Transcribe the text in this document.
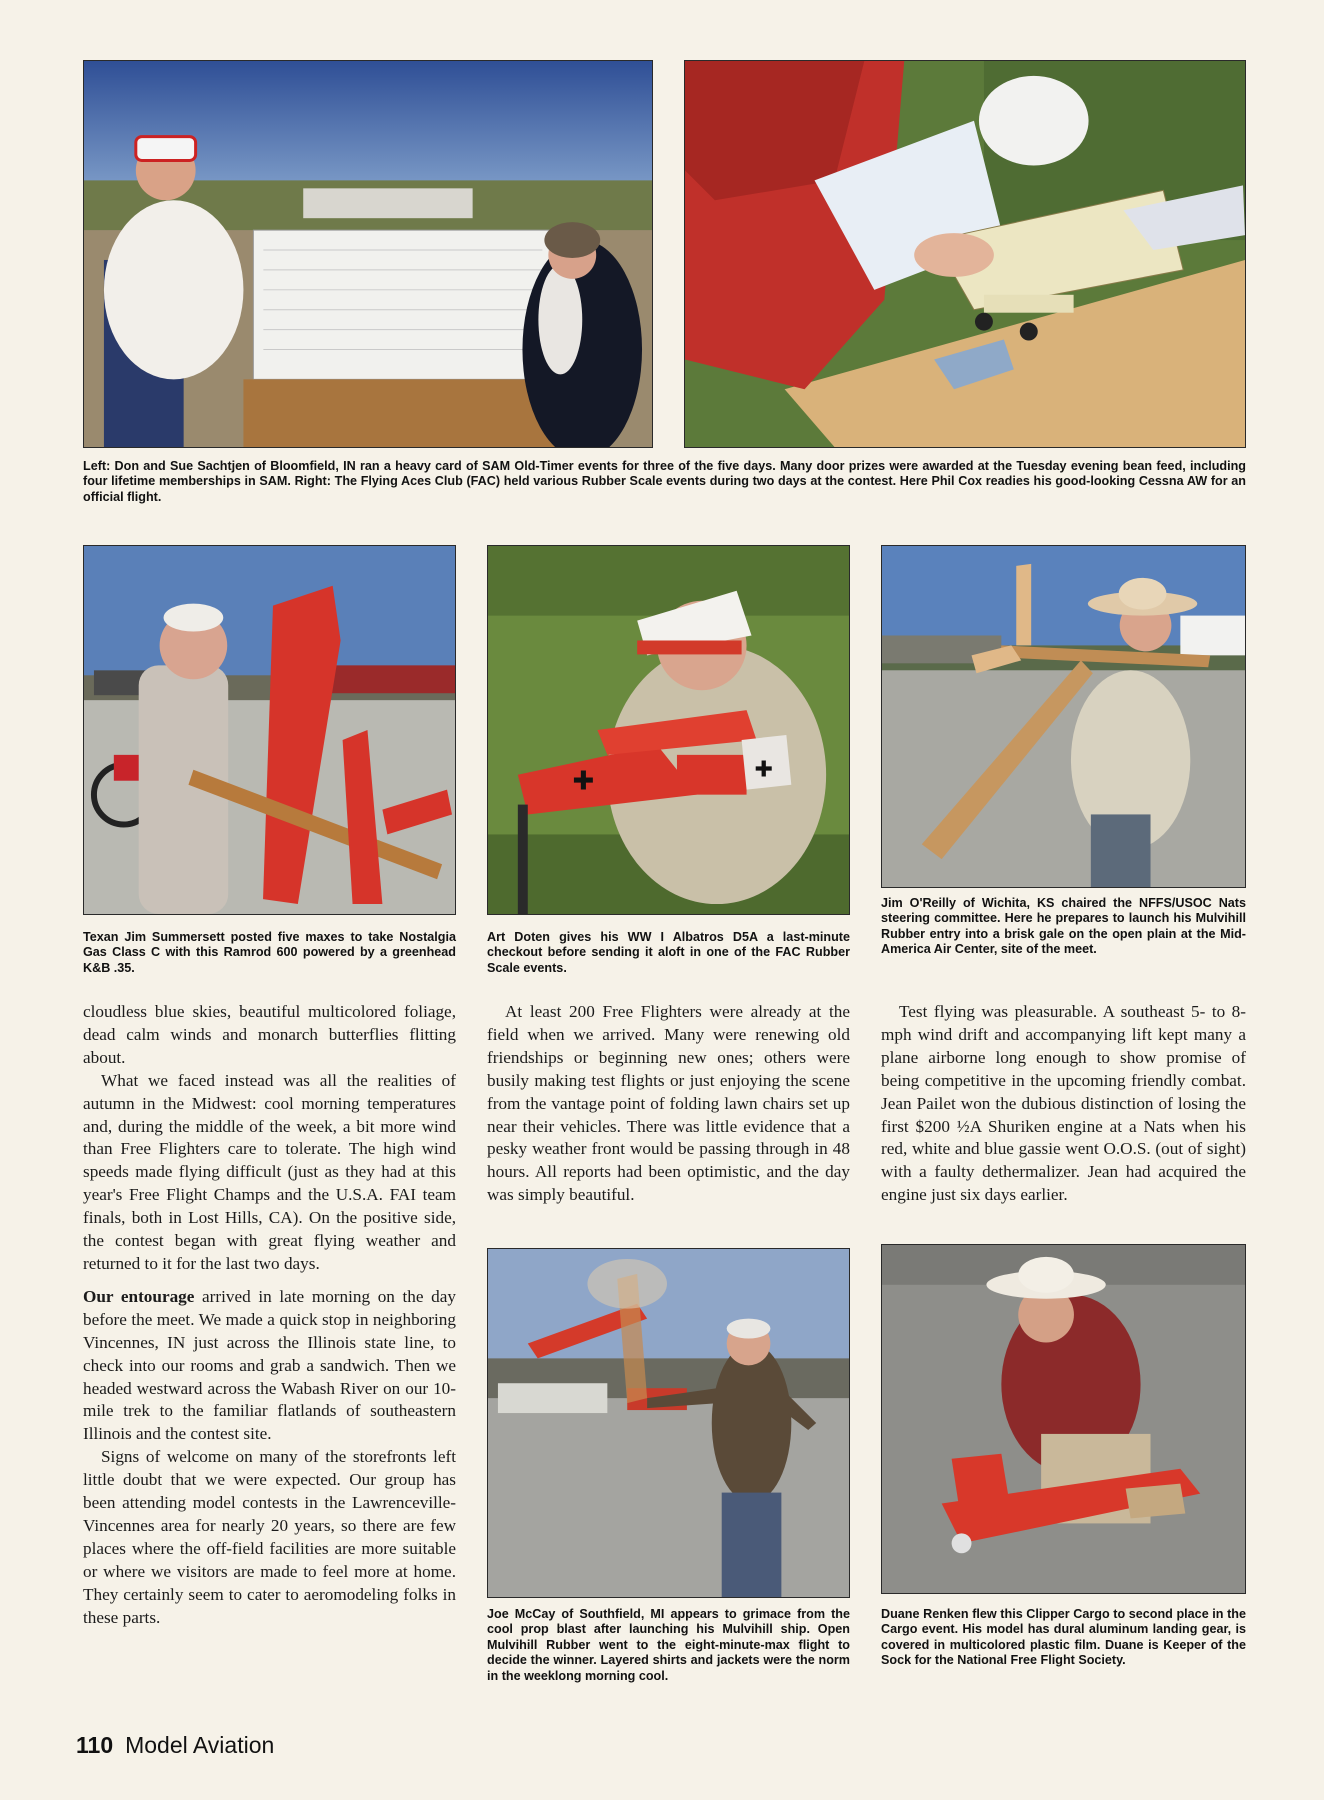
Left: Don and Sue Sachtjen of Bloomfield, IN ran a heavy card of SAM Old-Timer events for three of the five days. Many door prizes were awarded at the Tuesday evening bean feed, including four lifetime memberships in SAM. Right: The Flying Aces Club (FAC) held various Rubber Scale events during two days at the contest. Here Phil Cox readies his good-looking Cessna AW for an official flight.
✚	✚
Texan Jim Summersett posted five maxes to take Nostalgia Gas Class C with this Ramrod 600 powered by a greenhead K&B .35.
Art Doten gives his WW I Albatros D5A a last-minute checkout before sending it aloft in one of the FAC Rubber Scale events.
Jim O'Reilly of Wichita, KS chaired the NFFS/USOC Nats steering committee. Here he prepares to launch his Mulvihill Rubber entry into a brisk gale on the open plain at the Mid-America Air Center, site of the meet.

cloudless blue skies, beautiful multicolored foliage, dead calm winds and monarch butterflies flitting about.

What we faced instead was all the realities of autumn in the Midwest: cool morning temperatures and, during the middle of the week, a bit more wind than Free Flighters care to tolerate. The high wind speeds made flying difficult (just as they had at this year's Free Flight Champs and the U.S.A. FAI team finals, both in Lost Hills, CA). On the positive side, the contest began with great flying weather and returned to it for the last two days.

Our entourage arrived in late morning on the day before the meet. We made a quick stop in neighboring Vincennes, IN just across the Illinois state line, to check into our rooms and grab a sandwich. Then we headed westward across the Wabash River on our 10-mile trek to the familiar flatlands of southeastern Illinois and the contest site.

Signs of welcome on many of the storefronts left little doubt that we were expected. Our group has been attending model contests in the Lawrenceville-Vincennes area for nearly 20 years, so there are few places where the off-field facilities are more suitable or where we visitors are made to feel more at home. They certainly seem to cater to aeromodeling folks in these parts.

At least 200 Free Flighters were already at the field when we arrived. Many were renewing old friendships or beginning new ones; others were busily making test flights or just enjoying the scene from the vantage point of folding lawn chairs set up near their vehicles. There was little evidence that a pesky weather front would be passing through in 48 hours. All reports had been optimistic, and the day was simply beautiful.

Test flying was pleasurable. A southeast 5- to 8-mph wind drift and accompanying lift kept many a plane airborne long enough to show promise of being competitive in the upcoming friendly combat. Jean Pailet won the dubious distinction of losing the first $200 ½A Shuriken engine at a Nats when his red, white and blue gassie went O.O.S. (out of sight) with a faulty dethermalizer. Jean had acquired the engine just six days earlier.

Joe McCay of Southfield, MI appears to grimace from the cool prop blast after launching his Mulvihill ship. Open Mulvihill Rubber went to the eight-minute-max flight to decide the winner. Layered shirts and jackets were the norm in the weeklong morning cool.
Duane Renken flew this Clipper Cargo to second place in the Cargo event. His model has dural aluminum landing gear, is covered in multicolored plastic film. Duane is Keeper of the Sock for the National Free Flight Society.
110 Model Aviation
